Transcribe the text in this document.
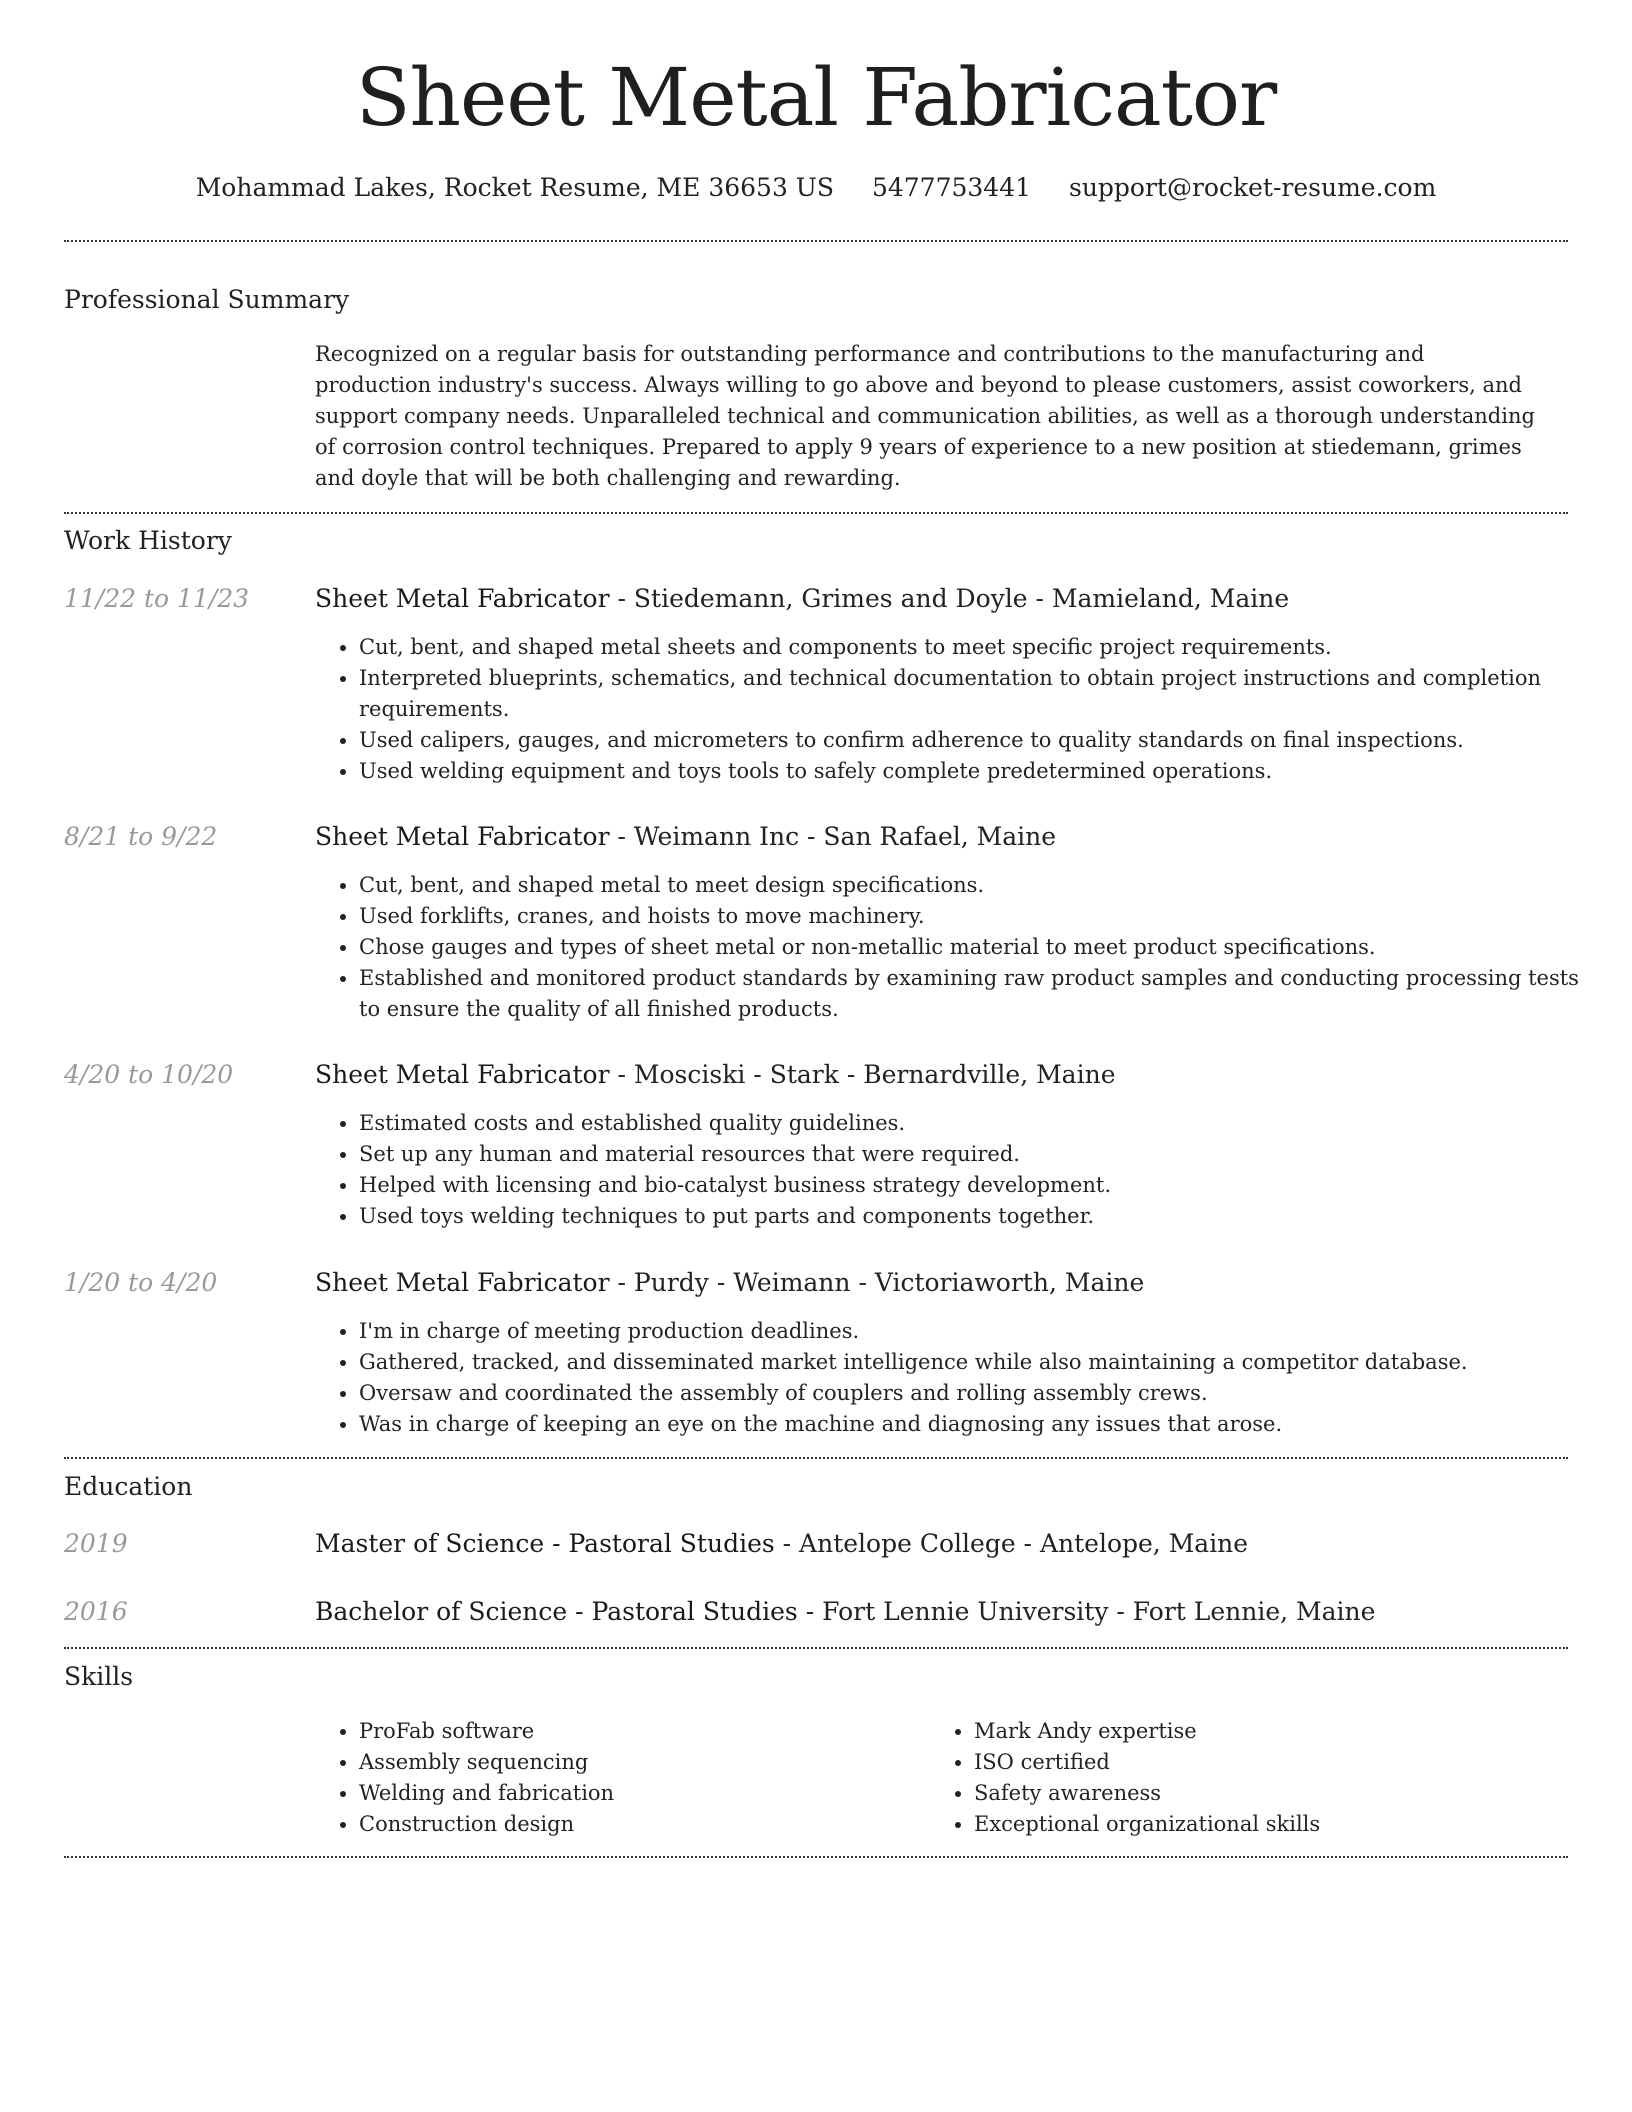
Sheet Metal Fabricator
Mohammad Lakes, Rocket Resume, ME 36653 US 5477753441 support@rocket-resume.com
Professional Summary
Recognized on a regular basis for outstanding performance and contributions to the manufacturing and production industry's success. Always willing to go above and beyond to please customers, assist coworkers, and support company needs. Unparalleled technical and communication abilities, as well as a thorough understanding of corrosion control techniques. Prepared to apply 9 years of experience to a new position at stiedemann, grimes and doyle that will be both challenging and rewarding.
Work History
11/22 to 11/23	Sheet Metal Fabricator - Stiedemann, Grimes and Doyle - Mamieland, Maine
• Cut, bent, and shaped metal sheets and components to meet specific project requirements.
• Interpreted blueprints, schematics, and technical documentation to obtain project instructions and completion requirements.
• Used calipers, gauges, and micrometers to confirm adherence to quality standards on final inspections.
• Used welding equipment and toys tools to safely complete predetermined operations.
8/21 to 9/22	Sheet Metal Fabricator - Weimann Inc - San Rafael, Maine
• Cut, bent, and shaped metal to meet design specifications.
• Used forklifts, cranes, and hoists to move machinery.
• Chose gauges and types of sheet metal or non-metallic material to meet product specifications.
• Established and monitored product standards by examining raw product samples and conducting processing tests to ensure the quality of all finished products.
4/20 to 10/20	Sheet Metal Fabricator - Mosciski - Stark - Bernardville, Maine
• Estimated costs and established quality guidelines.
• Set up any human and material resources that were required.
• Helped with licensing and bio-catalyst business strategy development.
• Used toys welding techniques to put parts and components together.
1/20 to 4/20	Sheet Metal Fabricator - Purdy - Weimann - Victoriaworth, Maine
• I'm in charge of meeting production deadlines.
• Gathered, tracked, and disseminated market intelligence while also maintaining a competitor database.
• Oversaw and coordinated the assembly of couplers and rolling assembly crews.
• Was in charge of keeping an eye on the machine and diagnosing any issues that arose.
Education
2019	Master of Science - Pastoral Studies - Antelope College - Antelope, Maine
2016	Bachelor of Science - Pastoral Studies - Fort Lennie University - Fort Lennie, Maine
Skills
• ProFab software
• Assembly sequencing
• Welding and fabrication
• Construction design
• Mark Andy expertise
• ISO certified
• Safety awareness
• Exceptional organizational skills
